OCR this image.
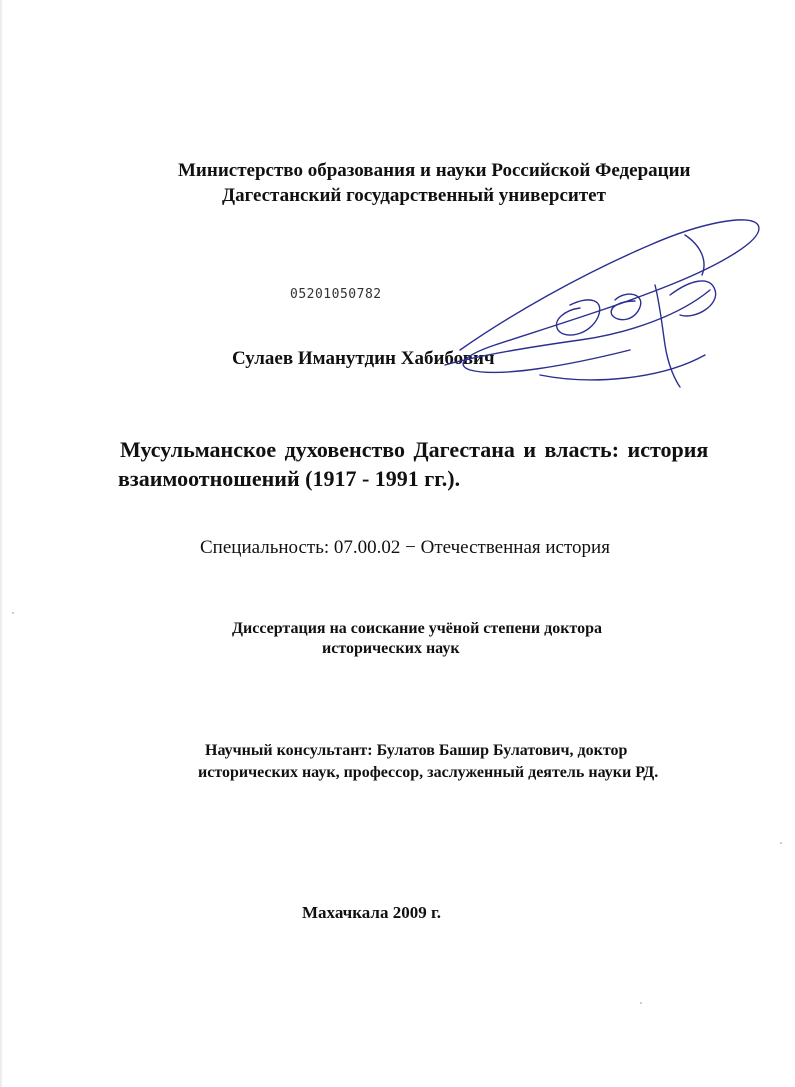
Министерство образования и науки Российской Федерации

Дагестанский государственный университет

05201050782

Сулаев Иманутдин Хабибович

Мусульманское духовенство Дагестана и власть: история

взаимоотношений (1917 - 1991 гг.).

Специальность: 07.00.02 − Отечественная история

Диссертация на соискание учёной степени доктора

исторических наук

Научный консультант: Булатов Башир Булатович, доктор

исторических наук, профессор, заслуженный деятель науки РД.

Махачкала 2009 г.
